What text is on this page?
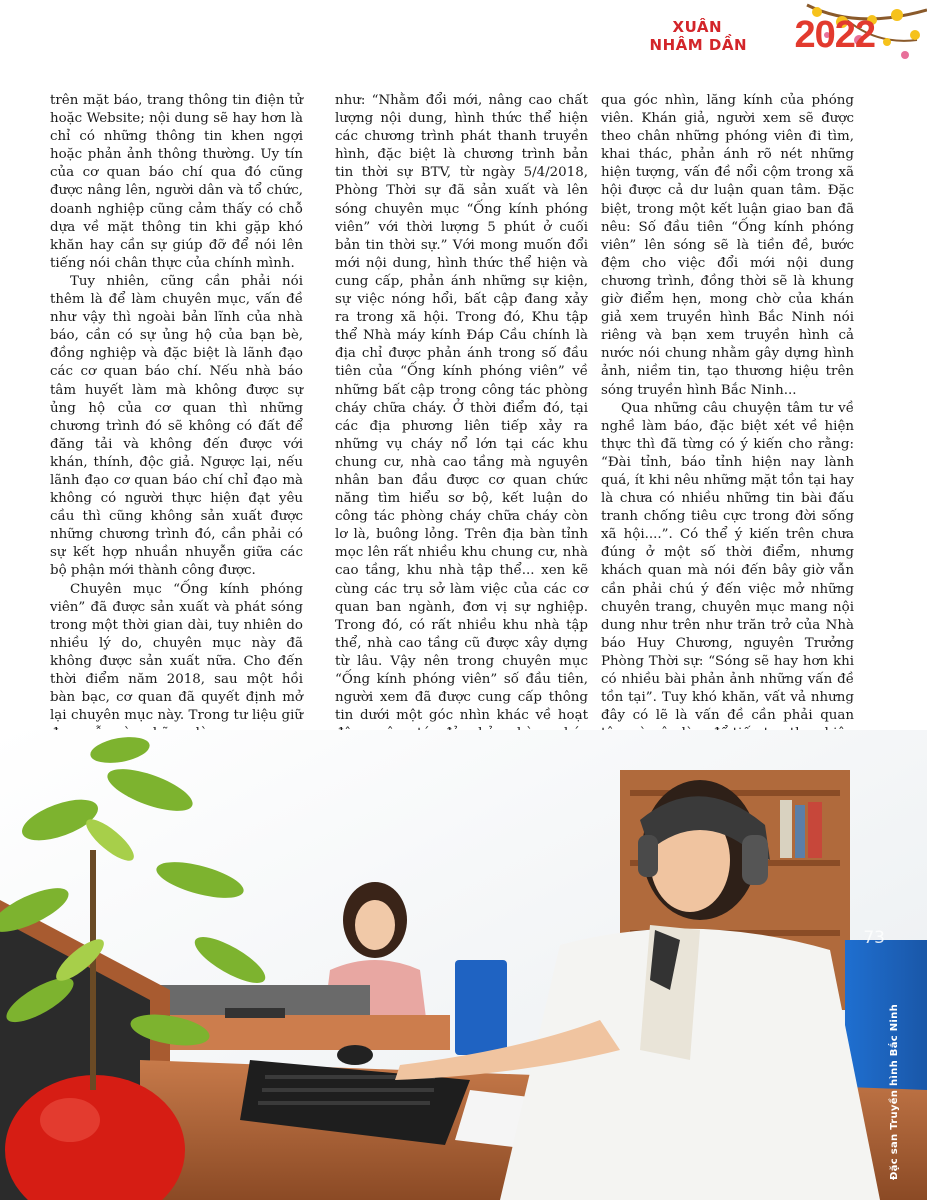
XUÂN
NHÂM DẦN 2022

trên mặt báo, trang thông tin điện tử hoặc Website; nội dung sẽ hay hơn là chỉ có những thông tin khen ngợi hoặc phản ảnh thông thường. Uy tín của cơ quan báo chí qua đó cũng được nâng lên, người dân và tổ chức, doanh nghiệp cũng cảm thấy có chỗ dựa về mặt thông tin khi gặp khó khăn hay cần sự giúp đỡ để nói lên tiếng nói chân thực của chính mình.

Tuy nhiên, cũng cần phải nói thêm là để làm chuyên mục, vấn đề như vậy thì ngoài bản lĩnh của nhà báo, cần có sự ủng hộ của bạn bè, đồng nghiệp và đặc biệt là lãnh đạo các cơ quan báo chí. Nếu nhà báo tâm huyết làm mà không được sự ủng hộ của cơ quan thì những chương trình đó sẽ không có đất để đăng tải và không đến được với khán, thính, độc giả. Ngược lại, nếu lãnh đạo cơ quan báo chí chỉ đạo mà không có người thực hiện đạt yêu cầu thì cũng không sản xuất được những chương trình đó, cần phải có sự kết hợp nhuần nhuyễn giữa các bộ phận mới thành công được.

Chuyên mục “Ống kính phóng viên” đã được sản xuất và phát sóng trong một thời gian dài, tuy nhiên do nhiều lý do, chuyên mục này đã không được sản xuất nữa. Cho đến thời điểm năm 2018, sau một hồi bàn bạc, cơ quan đã quyết định mở lại chuyên mục này. Trong tư liệu giữ

như: “Nhằm đổi mới, nâng cao chất lượng nội dung, hình thức thể hiện các chương trình phát thanh truyền hình, đặc biệt là chương trình bản tin thời sự BTV, từ ngày 5/4/2018, Phòng Thời sự đã sản xuất và lên sóng chuyên mục “Ống kính phóng viên” với thời lượng 5 phút ở cuối bản tin thời sự.” Với mong muốn đổi mới nội dung, hình thức thể hiện và cung cấp, phản ánh những sự kiện, sự việc nóng hổi, bất cập đang xảy ra trong xã hội. Trong đó, Khu tập thể Nhà máy kính Đáp Cầu chính là địa chỉ được phản ánh trong số đầu tiên của “Ống kính phóng viên” về những bất cập trong công tác phòng cháy chữa cháy. Ở thời điểm đó, tại các địa phương liên tiếp xảy ra những vụ cháy nổ lớn tại các khu chung cư, nhà cao tầng mà nguyên nhân ban đầu được cơ quan chức năng tìm hiểu sơ bộ, kết luận do công tác phòng cháy chữa cháy còn lơ là, buông lỏng. Trên địa bàn tỉnh mọc lên rất nhiều khu chung cư, nhà cao tầng, khu nhà tập thể... xen kẽ cùng các trụ sở làm việc của các cơ quan ban ngành, đơn vị sự nghiệp. Trong đó, có rất nhiều khu nhà tập thể, nhà cao tầng cũ được xây dựng từ lâu. Vậy nên trong chuyên mục “Ống kính phóng viên” số đầu tiên, người xem đã được cung cấp thông tin dưới một góc nhìn khác về hoạt

qua góc nhìn, lăng kính của phóng viên. Khán giả, người xem sẽ được theo chân những phóng viên đi tìm, khai thác, phản ánh rõ nét những hiện tượng, vấn đề nổi cộm trong xã hội được cả dư luận quan tâm. Đặc biệt, trong một kết luận giao ban đã nêu: Số đầu tiên “Ống kính phóng viên” lên sóng sẽ là tiền đề, bước đệm cho việc đổi mới nội dung chương trình, đồng thời sẽ là khung giờ điểm hẹn, mong chờ của khán giả xem truyền hình Bắc Ninh nói riêng và bạn xem truyền hình cả nước nói chung nhằm gây dựng hình ảnh, niềm tin, tạo thương hiệu trên sóng truyền hình Bắc Ninh...

Qua những câu chuyện tâm tư về nghề làm báo, đặc biệt xét về hiện thực thì đã từng có ý kiến cho rằng: “Đài tỉnh, báo tỉnh hiện nay lành quá, ít khi nêu những mặt tồn tại hay là chưa có nhiều những tin bài đấu tranh chống tiêu cực trong đời sống xã hội....”. Có thể ý kiến trên chưa đúng ở một số thời điểm, nhưng khách quan mà nói đến bây giờ vẫn cần phải chú ý đến việc mở những chuyên trang, chuyên mục mang nội dung như trên như trăn trở của Nhà báo Huy Chương, nguyên Trưởng Phòng Thời sự: “Sóng sẽ hay hơn khi có nhiều bài phản ảnh những vấn đề tồn tại”. Tuy khó khăn, vất vả nhưng đây có lẽ là vấn đề cần phải quan

73
Đặc san Truyền hình Bắc Ninh
